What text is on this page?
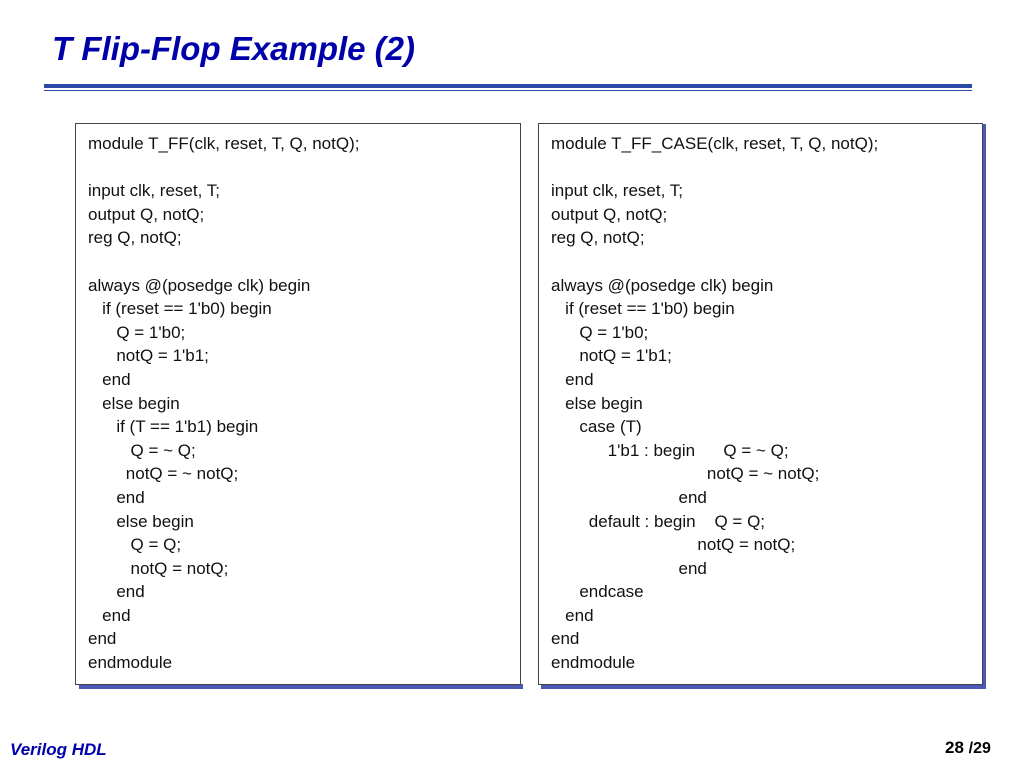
T Flip-Flop Example (2)
module T_FF(clk, reset, T, Q, notQ);

input clk, reset, T;
output Q, notQ;
reg Q, notQ;

always @(posedge clk) begin
if (reset == 1'b0) begin
Q = 1'b0;
notQ = 1'b1;
end
else begin
if (T == 1'b1) begin
Q = ~ Q;
notQ = ~ notQ;
end
else begin
Q = Q;
notQ = notQ;
end
end
end
endmodule
module T_FF_CASE(clk, reset, T, Q, notQ);

input clk, reset, T;
output Q, notQ;
reg Q, notQ;

always @(posedge clk) begin
if (reset == 1'b0) begin
Q = 1'b0;
notQ = 1'b1;
end
else begin
case (T)
1'b1 : begin      Q = ~ Q;
notQ = ~ notQ;
end
default : begin    Q = Q;
notQ = notQ;
end
endcase
end
end
endmodule
Verilog HDL	28 /29
